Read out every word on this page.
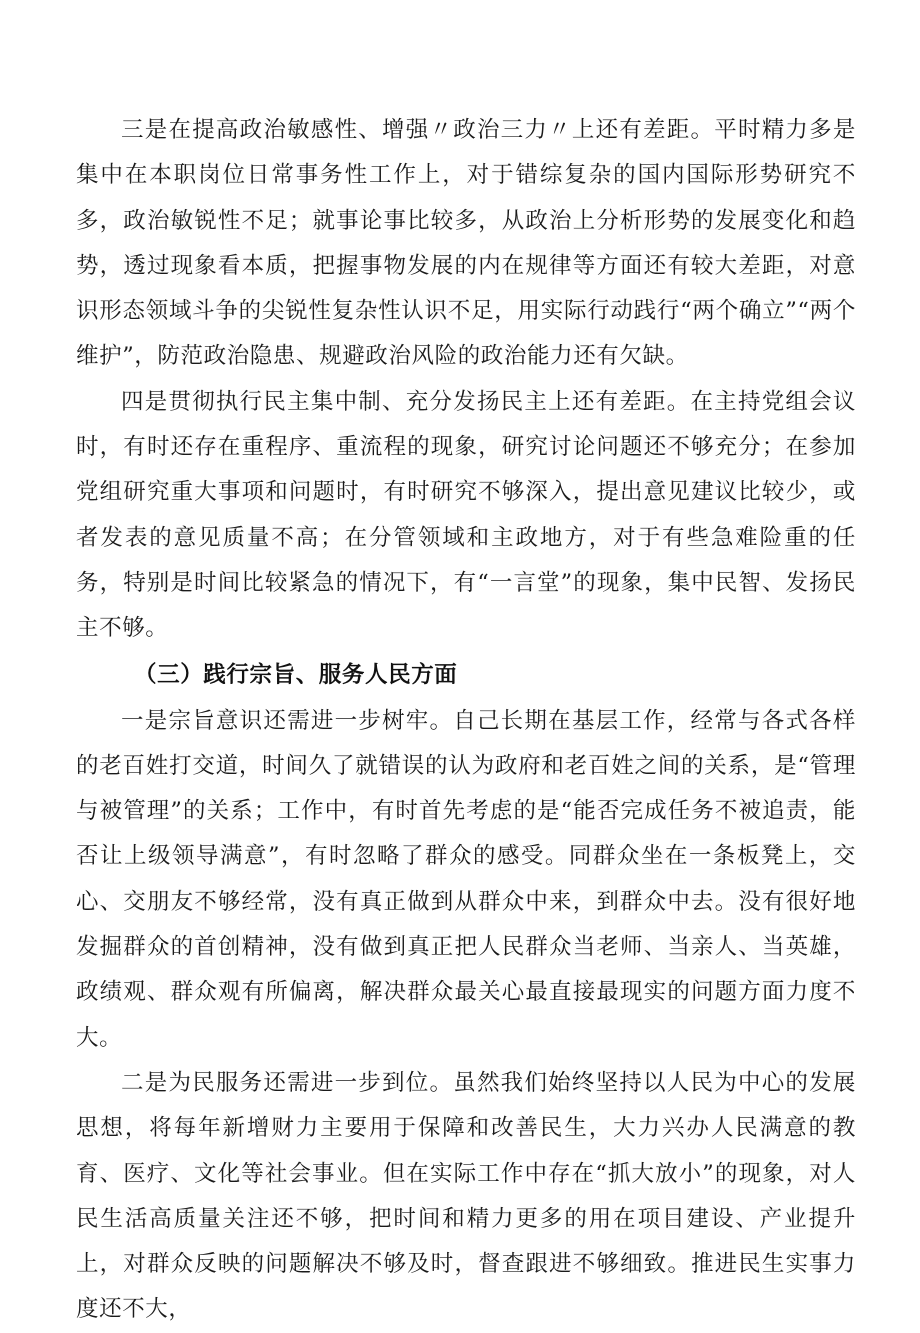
三是在提高政治敏感性、增强〃政治三力〃上还有差距。平时精力多是集中在本职岗位日常事务性工作上，对于错综复杂的国内国际形势研究不多，政治敏锐性不足；就事论事比较多，从政治上分析形势的发展变化和趋势，透过现象看本质，把握事物发展的内在规律等方面还有较大差距，对意识形态领域斗争的尖锐性复杂性认识不足，用实际行动践行“两个确立”“两个维护”，防范政治隐患、规避政治风险的政治能力还有欠缺。

四是贯彻执行民主集中制、充分发扬民主上还有差距。在主持党组会议时，有时还存在重程序、重流程的现象，研究讨论问题还不够充分；在参加党组研究重大事项和问题时，有时研究不够深入，提出意见建议比较少，或者发表的意见质量不高；在分管领域和主政地方，对于有些急难险重的任务，特别是时间比较紧急的情况下，有“一言堂”的现象，集中民智、发扬民主不够。

（三）践行宗旨、服务人民方面

一是宗旨意识还需进一步树牢。自己长期在基层工作，经常与各式各样的老百姓打交道，时间久了就错误的认为政府和老百姓之间的关系，是“管理与被管理”的关系；工作中，有时首先考虑的是“能否完成任务不被追责，能否让上级领导满意”，有时忽略了群众的感受。同群众坐在一条板凳上，交心、交朋友不够经常，没有真正做到从群众中来，到群众中去。没有很好地发掘群众的首创精神，没有做到真正把人民群众当老师、当亲人、当英雄，政绩观、群众观有所偏离，解决群众最关心最直接最现实的问题方面力度不大。

二是为民服务还需进一步到位。虽然我们始终坚持以人民为中心的发展思想，将每年新增财力主要用于保障和改善民生，大力兴办人民满意的教育、医疗、文化等社会事业。但在实际工作中存在“抓大放小”的现象，对人民生活高质量关注还不够，把时间和精力更多的用在项目建设、产业提升上，对群众反映的问题解决不够及时，督查跟进不够细致。推进民生实事力度还不大，
